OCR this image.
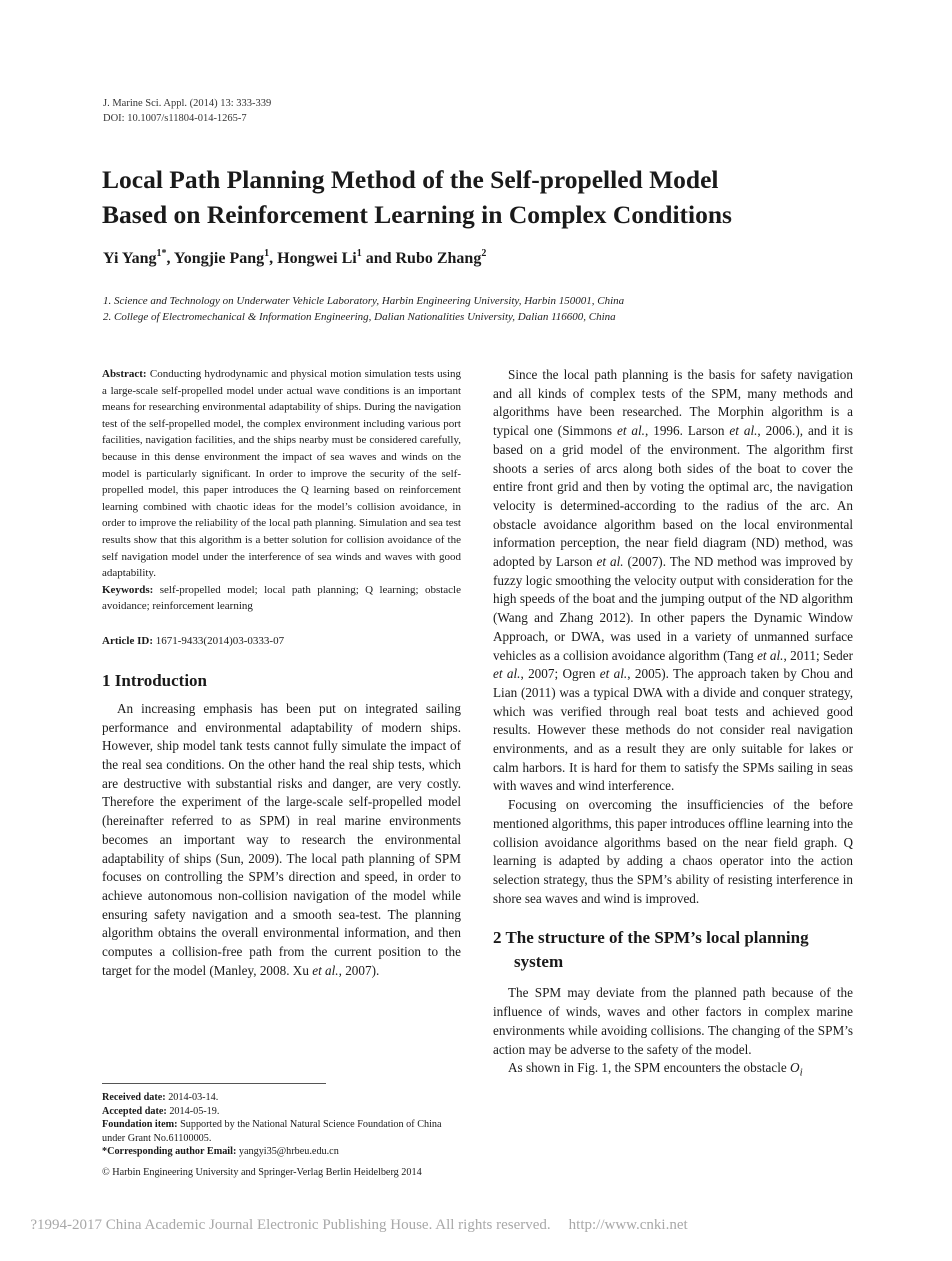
J. Marine Sci. Appl. (2014) 13: 333-339
DOI: 10.1007/s11804-014-1265-7
Local Path Planning Method of the Self-propelled Model
Based on Reinforcement Learning in Complex Conditions
Yi Yang$^{1*}$, Yongjie Pang$^1$, Hongwei Li$^1$ and Rubo Zhang$^2$
1. Science and Technology on Underwater Vehicle Laboratory, Harbin Engineering University, Harbin 150001, China
2. College of Electromechanical & Information Engineering, Dalian Nationalities University, Dalian 116600, China

Abstract: Conducting hydrodynamic and physical motion simulation tests using a large-scale self-propelled model under actual wave conditions is an important means for researching environmental adaptability of ships. During the navigation test of the self-propelled model, the complex environment including various port facilities, navigation facilities, and the ships nearby must be considered carefully, because in this dense environment the impact of sea waves and winds on the model is particularly significant. In order to improve the security of the self-propelled model, this paper introduces the Q learning based on reinforcement learning combined with chaotic ideas for the model’s collision avoidance, in order to improve the reliability of the local path planning. Simulation and sea test results show that this algorithm is a better solution for collision avoidance of the self navigation model under the interference of sea winds and waves with good adaptability.

Keywords: self-propelled model; local path planning; Q learning; obstacle avoidance; reinforcement learning

Article ID: 1671-9433(2014)03-0333-07

1 Introduction

An increasing emphasis has been put on integrated sailing performance and environmental adaptability of modern ships. However, ship model tank tests cannot fully simulate the impact of the real sea conditions. On the other hand the real ship tests, which are destructive with substantial risks and danger, are very costly. Therefore the experiment of the large-scale self-propelled model (hereinafter referred to as SPM) in real marine environments becomes an important way to research the environmental adaptability of ships (Sun, 2009). The local path planning of SPM focuses on controlling the SPM’s direction and speed, in order to achieve autonomous non-collision navigation of the model while ensuring safety navigation and a smooth sea-test. The planning algorithm obtains the overall environmental information, and then computes a collision-free path from the current position to the target for the model (Manley, 2008. Xu et al., 2007).

Since the local path planning is the basis for safety navigation and all kinds of complex tests of the SPM, many methods and algorithms have been researched. The Morphin algorithm is a typical one (Simmons et al., 1996. Larson et al., 2006.), and it is based on a grid model of the environment. The algorithm first shoots a series of arcs along both sides of the boat to cover the entire front grid and then by voting the optimal arc, the navigation velocity is determined-according to the radius of the arc. An obstacle avoidance algorithm based on the local environmental information perception, the near field diagram (ND) method, was adopted by Larson et al. (2007). The ND method was improved by fuzzy logic smoothing the velocity output with consideration for the high speeds of the boat and the jumping output of the ND algorithm (Wang and Zhang 2012). In other papers the Dynamic Window Approach, or DWA, was used in a variety of unmanned surface vehicles as a collision avoidance algorithm (Tang et al., 2011; Seder et al., 2007; Ogren et al., 2005). The approach taken by Chou and Lian (2011) was a typical DWA with a divide and conquer strategy, which was verified through real boat tests and achieved good results. However these methods do not consider real navigation environments, and as a result they are only suitable for lakes or calm harbors. It is hard for them to satisfy the SPMs sailing in seas with waves and wind interference.

Focusing on overcoming the insufficiencies of the before mentioned algorithms, this paper introduces offline learning into the collision avoidance algorithms based on the near field graph. Q learning is adapted by adding a chaos operator into the action selection strategy, thus the SPM’s ability of resisting interference in shore sea waves and wind is improved.

2 The structure of the SPM’s local planning
system

The SPM may deviate from the planned path because of the influence of winds, waves and other factors in complex marine environments while avoiding collisions. The changing of the SPM’s action may be adverse to the safety of the model.

As shown in Fig. 1, the SPM encounters the obstacle $O_i$

Received date: 2014-03-14.

Accepted date: 2014-05-19.

Foundation item: Supported by the National Natural Science Foundation of China under Grant No.61100005.

*Corresponding author Email: yangyi35@hrbeu.edu.cn

© Harbin Engineering University and Springer-Verlag Berlin Heidelberg 2014

?1994-2017 China Academic Journal Electronic Publishing House. All rights reserved. http://www.cnki.net
